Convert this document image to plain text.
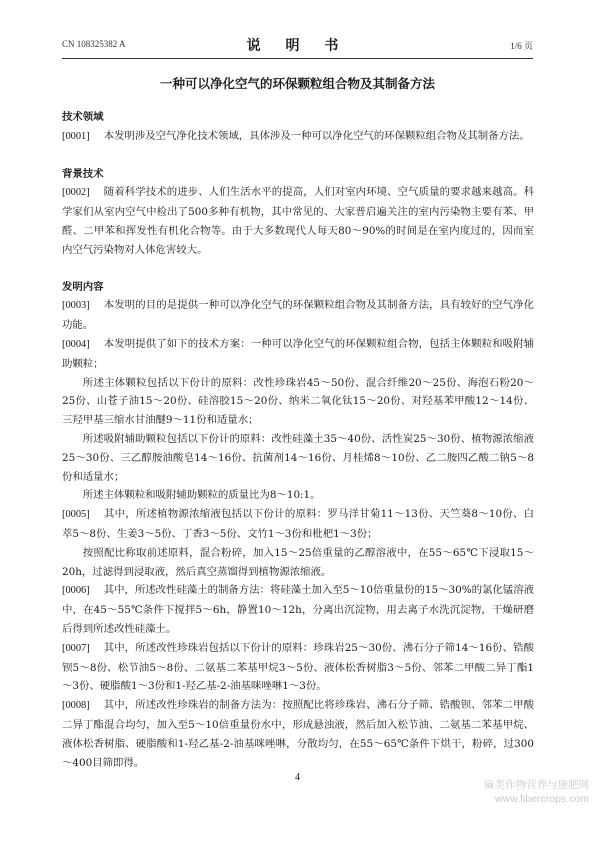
CN 108325382 A	说 明 书	1/6 页
一种可以净化空气的环保颗粒组合物及其制备方法
技术领域
[0001] 本发明涉及空气净化技术领域，具体涉及一种可以净化空气的环保颗粒组合物及其制备方法。
背景技术
[0002] 随着科学技术的进步、人们生活水平的提高，人们对室内环境、空气质量的要求越来越高。科学家们从室内空气中检出了500多种有机物，其中常见的、大家普启遍关注的室内污染物主要有苯、甲醛、二甲苯和挥发性有机化合物等。由于大多数现代人每天80～90%的时间是在室内度过的，因而室内空气污染物对人体危害较大。
发明内容
[0003] 本发明的目的是提供一种可以净化空气的环保颗粒组合物及其制备方法，具有较好的空气净化功能。
[0004] 本发明提供了如下的技术方案：一种可以净化空气的环保颗粒组合物，包括主体颗粒和吸附辅助颗粒；
所述主体颗粒包括以下份计的原料：改性珍珠岩45～50份、混合纤维20～25份、海泡石粉20～25份、山苍子油15～20份、硅溶胶15～20份、纳米二氧化钛15～20份、对羟基苯甲酸12～14份、三羟甲基三缩水甘油醚9～11份和适量水；
所述吸附辅助颗粒包括以下份计的原料：改性硅藻土35～40份、活性炭25～30份、植物源浓缩液25～30份、三乙醇胺油酸皂14～16份、抗菌剂14～16份、月桂烯8～10份、乙二胺四乙酸二钠5～8份和适量水；
所述主体颗粒和吸附辅助颗粒的质量比为8～10:1。
[0005] 其中，所述植物源浓缩液包括以下份计的原料：罗马洋甘菊11～13份、天竺葵8～10份、白萃5～8份、生姜3～5份、丁香3～5份、文竹1～3份和枇杷1～3份；
按照配比称取前述原料，混合粉碎，加入15～25倍重量的乙醇溶液中，在55～65℃下浸取15～20h，过滤得到浸取液，然后真空蒸馏得到植物源浓缩液。
[0006] 其中，所述改性硅藻土的制备方法：将硅藻土加入至5～10倍重量份的15～30%的氯化锰溶液中，在45～55℃条件下搅拌5～6h，静置10～12h，分离出沉淀物，用去离子水洗沉淀物，干燥研磨后得到所述改性硅藻土。
[0007] 其中，所述改性珍珠岩包括以下份计的原料：珍珠岩25～30份、沸石分子筛14～16份、锆酸钡5～8份、松节油5～8份、二氨基二苯基甲烷3～5份、液体松香树脂3～5份、邻苯二甲酸二异丁酯1～3份、硬脂酸1～3份和1-羟乙基-2-油基咪唑啉1～3份。
[0008] 其中，所述改性珍珠岩的制备方法为：按照配比将珍珠岩、沸石分子筛、锆酸钡、邻苯二甲酸二异丁酯混合均匀，加入至5～10倍重量份水中，形成悬浊液，然后加入松节油、二氨基二苯基甲烷、液体松香树脂、硬脂酸和1-羟乙基-2-油基咪唑啉，分散均匀，在55～65℃条件下烘干，粉碎，过300～400目筛即得。
4
麻类作物营养与施肥网
www.fibercrops.com
